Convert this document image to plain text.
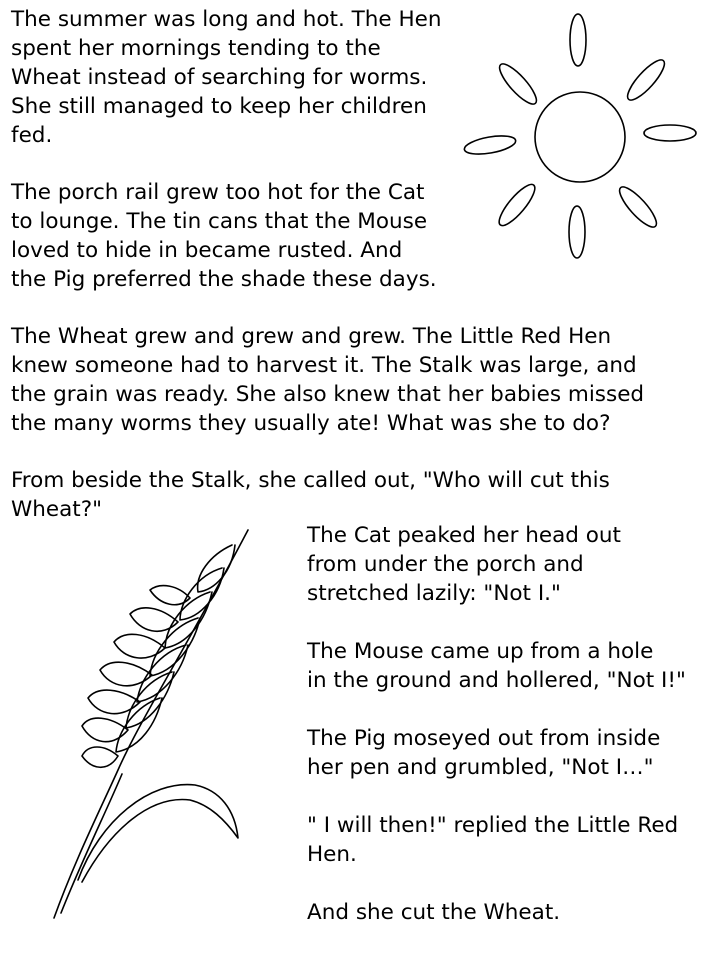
The summer was long and hot. The Hen
spent her mornings tending to the
Wheat instead of searching for worms.
She still managed to keep her children
fed.
The porch rail grew too hot for the Cat
to lounge. The tin cans that the Mouse
loved to hide in became rusted. And
the Pig preferred the shade these days.
The Wheat grew and grew and grew. The Little Red Hen
knew someone had to harvest it. The Stalk was large, and
the grain was ready. She also knew that her babies missed
the many worms they usually ate! What was she to do?
From beside the Stalk, she called out, "Who will cut this
Wheat?"
The Cat peaked her head out
from under the porch and
stretched lazily: "Not I."
The Mouse came up from a hole
in the ground and hollered, "Not I!"
The Pig moseyed out from inside
her pen and grumbled, "Not I…"
" I will then!" replied the Little Red
Hen.
And she cut the Wheat.
